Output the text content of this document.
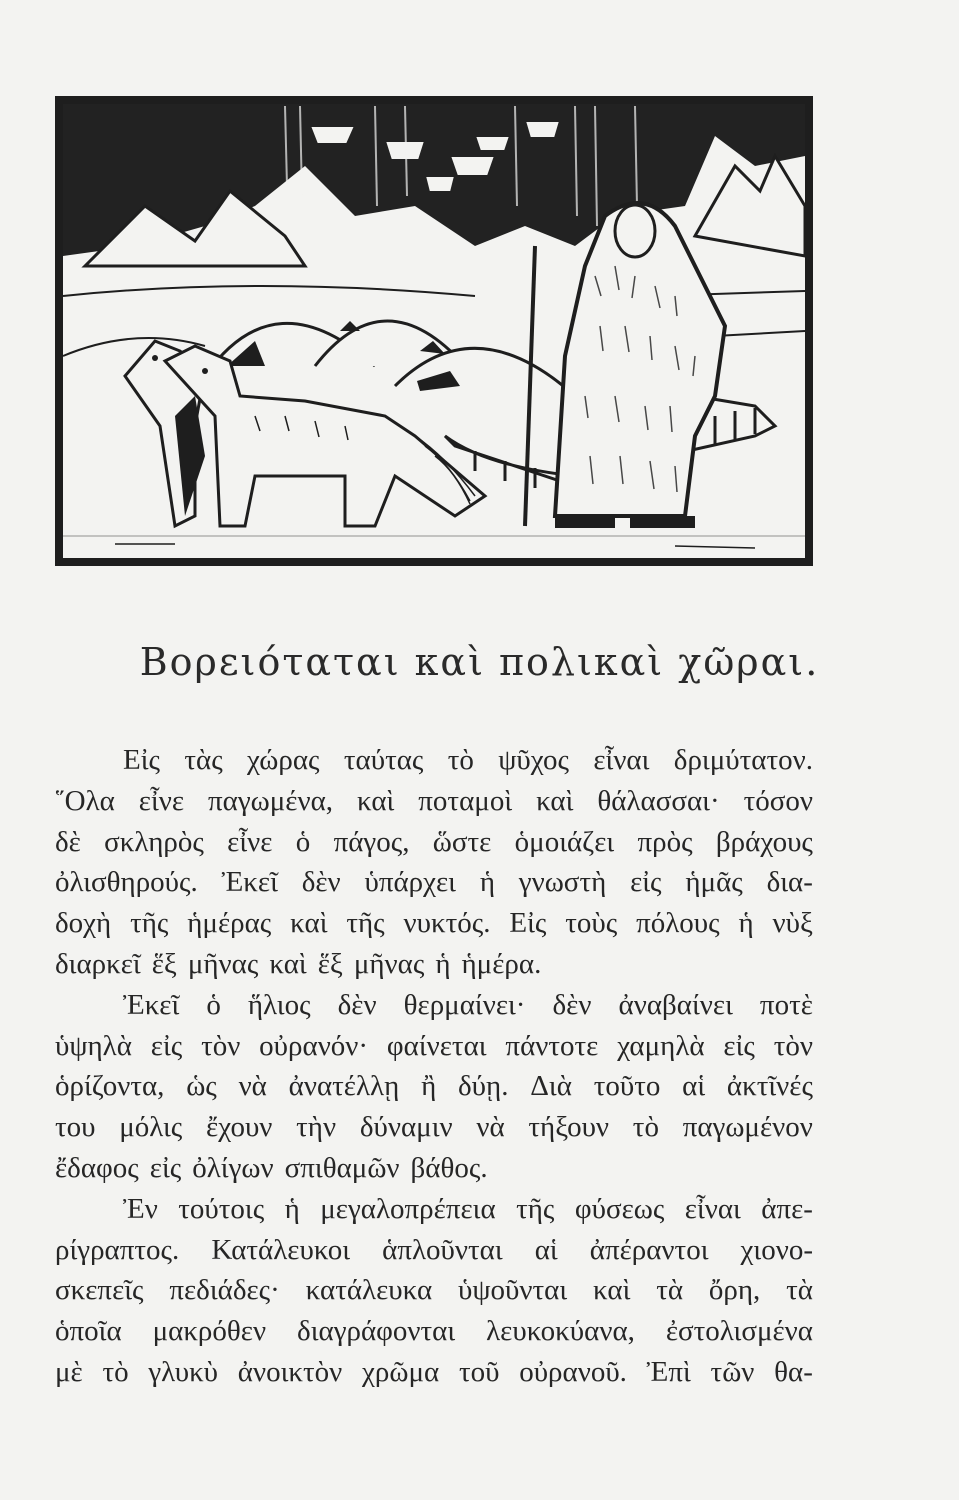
Βορειόταται καὶ πολικαὶ χῶραι.
Εἰς τὰς χώρας ταύτας τὸ ψῦχος εἶναι δριμύτατον.
῞Ολα εἶνε παγωμένα, καὶ ποταμοὶ καὶ θάλασσαι· τόσον
δὲ σκληρὸς εἶνε ὁ πάγος, ὥστε ὁμοιάζει πρὸς βράχους
ὀλισθηρούς. Ἐκεῖ δὲν ὑπάρχει ἡ γνωστὴ εἰς ἡμᾶς δια-
δοχὴ τῆς ἡμέρας καὶ τῆς νυκτός. Εἰς τοὺς πόλους ἡ νὺξ
διαρκεῖ ἕξ μῆνας καὶ ἕξ μῆνας ἡ ἡμέρα.
Ἐκεῖ ὁ ἥλιος δὲν θερμαίνει· δὲν ἀναβαίνει ποτὲ
ὑψηλὰ εἰς τὸν οὐρανόν· φαίνεται πάντοτε χαμηλὰ εἰς τὸν
ὁρίζοντα, ὡς νὰ ἀνατέλλῃ ἢ δύῃ. Διὰ τοῦτο αἱ ἀκτῖνές
του μόλις ἔχουν τὴν δύναμιν νὰ τήξουν τὸ παγωμένον
ἔδαφος εἰς ὀλίγων σπιθαμῶν βάθος.
Ἐν τούτοις ἡ μεγαλοπρέπεια τῆς φύσεως εἶναι ἀπε-
ρίγραπτος. Κατάλευκοι ἁπλοῦνται αἱ ἀπέραντοι χιονο-
σκεπεῖς πεδιάδες· κατάλευκα ὑψοῦνται καὶ τὰ ὄρη, τὰ
ὁποῖα μακρόθεν διαγράφονται λευκοκύανα, ἐστολισμένα
μὲ τὸ γλυκὺ ἀνοικτὸν χρῶμα τοῦ οὐρανοῦ. Ἐπὶ τῶν θα-
